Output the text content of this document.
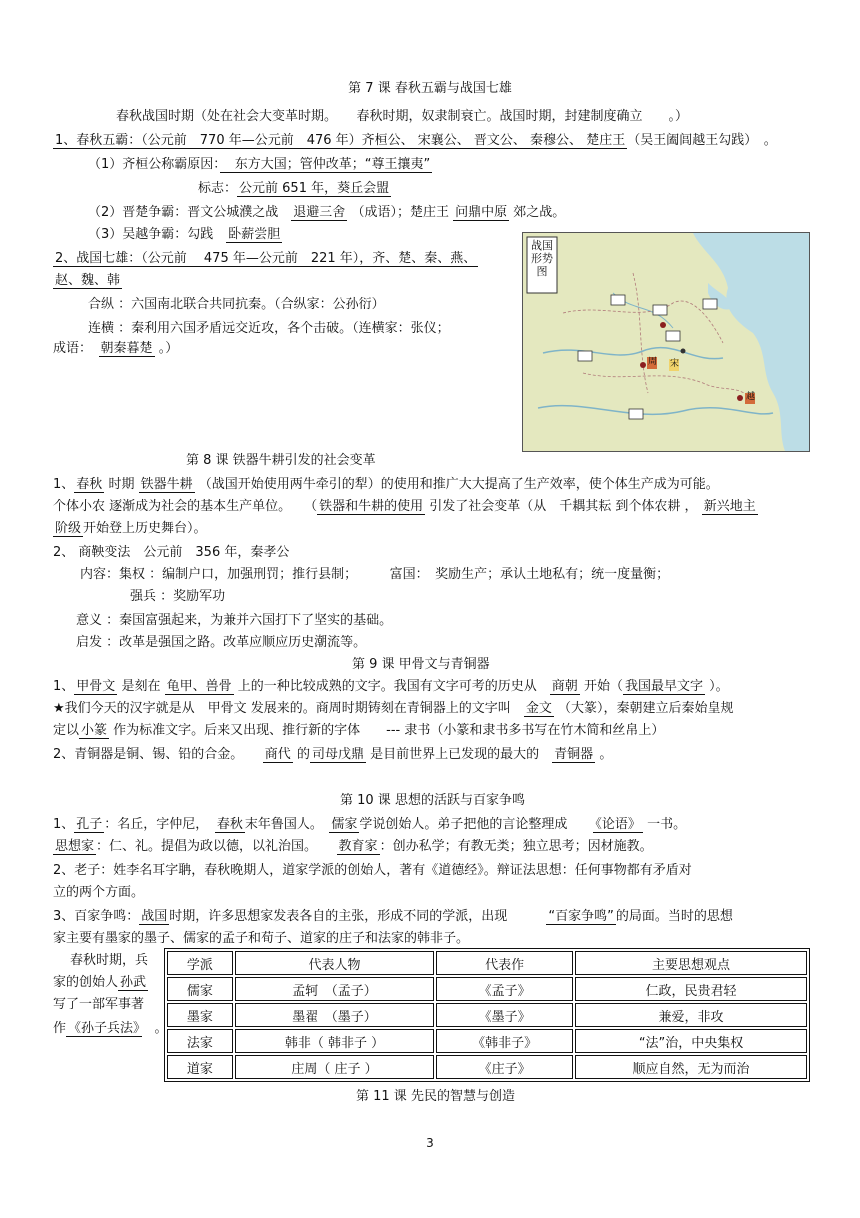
第 7 课 春秋五霸与战国七雄
春秋战国时期（处在社会大变革时期。　　春秋时期，奴隶制衰亡。战国时期，封建制度确立　　。）
1、春秋五霸：（公元前　770 年—公元前　476 年）齐桓公、 宋襄公、 晋文公、 秦穆公、 楚庄王 （吴王阖闾越王勾践）　。
（1）齐桓公称霸原因：　东方大国；管仲改革；“尊王攘夷”
标志： 公元前 651 年，葵丘会盟
（2）晋楚争霸：晋文公城濮之战　 退避三舍 （成语）；楚庄王 问鼎中原 郊之战。
（3）吴越争霸：勾践　 卧薪尝胆
2、战国七雄：（公元前　 475 年—公元前　221 年），齐、楚、秦、燕、
赵、魏、韩
合纵 ：六国南北联合共同抗秦。（合纵家：公孙衍）
连横 ：秦利用六国矛盾远交近攻，各个击破。（连横家：张仪；
成语：　 朝秦暮楚 。）
战国形势图
周 宋
越
第 8 课 铁器牛耕引发的社会变革
1、 春秋 时期 铁器牛耕 （战国开始使用两牛牵引的犁）的使用和推广大大提高了生产效率，使个体生产成为可能。
个体小农 逐渐成为社会的基本生产单位。　　（ 铁器和牛耕的使用 引发了社会变革（从　千耦其耘 到个体农耕 ， 新兴地主
阶级 开始登上历史舞台）。
2、 商鞅变法　公元前　356 年，秦孝公
内容：集权 ：编制户口，加强刑罚；推行县制；　　　富国：　奖励生产；承认土地私有；统一度量衡；
强兵 ：奖励军功
意义 ：秦国富强起来，为兼并六国打下了坚实的基础。
启发 ：改革是强国之路。改革应顺应历史潮流等。
第 9 课 甲骨文与青铜器
1、 甲骨文 是刻在 龟甲、兽骨 上的一种比较成熟的文字。我国有文字可考的历史从　 商朝 开始（ 我国最早文字 ）。
★我们今天的汉字就是从　甲骨文 发展来的。商周时期铸刻在青铜器上的文字叫　 金文 （大篆），秦朝建立后秦始皇规
定以 小篆 作为标准文字。后来又出现、推行新的字体　　--- 隶书（小篆和隶书多书写在竹木简和丝帛上）
2、青铜器是铜、锡、铅的合金。　　 商代 的 司母戊鼎 是目前世界上已发现的最大的　 青铜器 。
第 10 课 思想的活跃与百家争鸣
1、 孔子 ：名丘，字仲尼，　 春秋 末年鲁国人。　 儒家 学说创始人。弟子把他的言论整理成　　 《论语》 一书。
思想家 ：仁、礼。提倡为政以德，以礼治国。　　 教育家 ：创办私学；有教无类；独立思考；因材施教。
2、老子：姓李名耳字聃，春秋晚期人，道家学派的创始人，著有《道德经》。辩证法思想：任何事物都有矛盾对
立的两个方面。
3、百家争鸣： 战国 时期，许多思想家发表各自的主张，形成不同的学派，出现　　　	“百家争鸣” 的局面。当时的思想
家主要有墨家的墨子、儒家的孟子和荀子、道家的庄子和法家的韩非子。
春秋时期，兵
家的创始人 孙武
写了一部军事著
作 《孙子兵法》　 。
学派	代表人物	代表作	主要思想观点
儒家	孟轲　（孟子）	《孟子》	仁政，民贵君轻
墨家	墨翟　（墨子）	《墨子》	兼爱，非攻
法家	韩非（ 韩非子 ）	《韩非子》	“法”治，中央集权
道家	庄周（ 庄子 ）	《庄子》	顺应自然，无为而治
第 11 课 先民的智慧与创造
3
